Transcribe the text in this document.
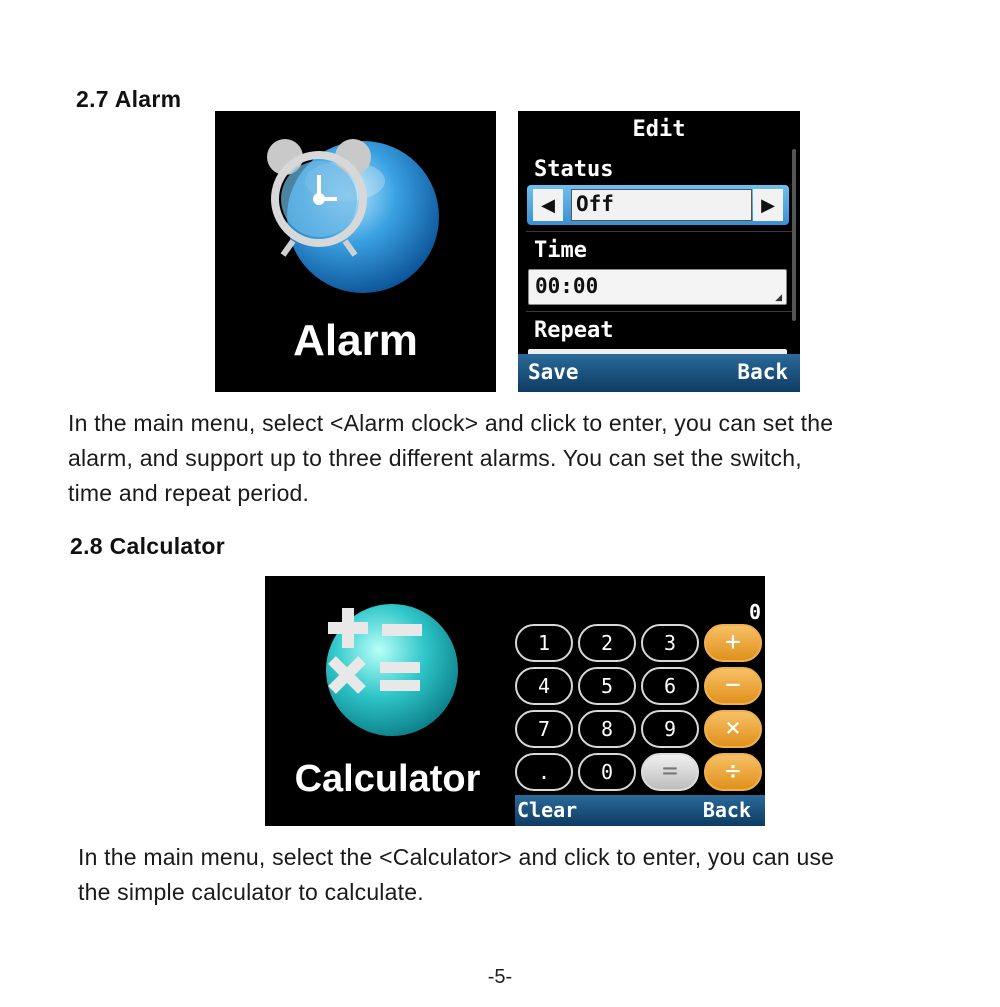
2.7 Alarm
Alarm
Edit
Status
◀	Off	▶
Time
00:00	◢
Repeat
Save	Back
In the main menu, select <Alarm clock> and click to enter, you can set the
alarm, and support up to three different alarms. You can set the switch,
time and repeat period.
2.8 Calculator
Calculator
0
1	2	3	+
4	5	6	−
7	8	9	×
.	0	=	÷
Clear	Back
In the main menu, select the <Calculator> and click to enter, you can use
the simple calculator to calculate.
-5-
